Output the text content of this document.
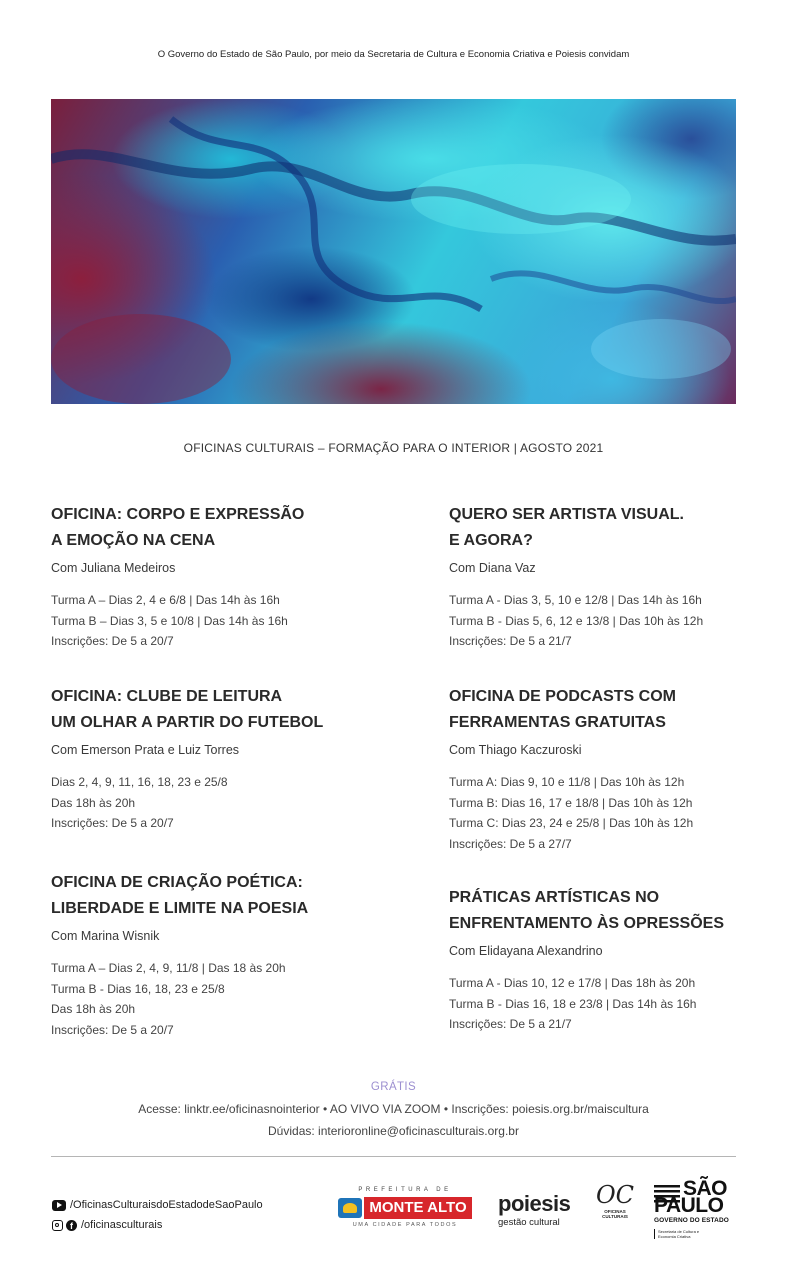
O Governo do Estado de São Paulo, por meio da Secretaria de Cultura e Economia Criativa e Poiesis convidam
OFICINAS CULTURAIS – FORMAÇÃO PARA O INTERIOR | AGOSTO 2021
OFICINA: CORPO E EXPRESSÃO
A EMOÇÃO NA CENA
Com Juliana Medeiros
Turma A – Dias 2, 4 e 6/8 | Das 14h às 16h
Turma B – Dias 3, 5 e 10/8 | Das 14h às 16h
Inscrições: De 5 a 20/7
QUERO SER ARTISTA VISUAL.
E AGORA?
Com Diana Vaz
Turma A - Dias 3, 5, 10 e 12/8 | Das 14h às 16h
Turma B - Dias 5, 6, 12 e 13/8 | Das 10h às 12h
Inscrições: De 5 a 21/7
OFICINA: CLUBE DE LEITURA
UM OLHAR A PARTIR DO FUTEBOL
Com Emerson Prata e Luiz Torres
Dias 2, 4, 9, 11, 16, 18, 23 e 25/8
Das 18h às 20h
Inscrições: De 5 a 20/7
OFICINA DE PODCASTS COM
FERRAMENTAS GRATUITAS
Com Thiago Kaczuroski
Turma A: Dias 9, 10 e 11/8 | Das 10h às 12h
Turma B: Dias 16, 17 e 18/8 | Das 10h às 12h
Turma C: Dias 23, 24 e 25/8 | Das 10h às 12h
Inscrições: De 5 a 27/7
OFICINA DE CRIAÇÃO POÉTICA:
LIBERDADE E LIMITE NA POESIA
Com Marina Wisnik
Turma A – Dias 2, 4, 9, 11/8 | Das 18 às 20h
Turma B - Dias 16, 18, 23 e 25/8
Das 18h às 20h
Inscrições: De 5 a 20/7
PRÁTICAS ARTÍSTICAS NO
ENFRENTAMENTO ÀS OPRESSÕES
Com Elidayana Alexandrino
Turma A - Dias 10, 12 e 17/8 | Das 18h às 20h
Turma B - Dias 16, 18 e 23/8 | Das 14h às 16h
Inscrições: De 5 a 21/7
GRÁTIS
Acesse: linktr.ee/oficinasnointerior • AO VIVO VIA ZOOM • Inscrições: poiesis.org.br/maiscultura
Dúvidas: interioronline@oficinasculturais.org.br
/OficinasCulturaisdoEstadodeSaoPaulo
f /oficinasculturais
PREFEITURA DE
MONTE ALTO
UMA CIDADE PARA TODOS
poiesis
gestão cultural
OC
OFICINAS CULTURAIS
SÃO
PAULO
GOVERNO DO ESTADO
Secretaria de Cultura e Economia Criativa
